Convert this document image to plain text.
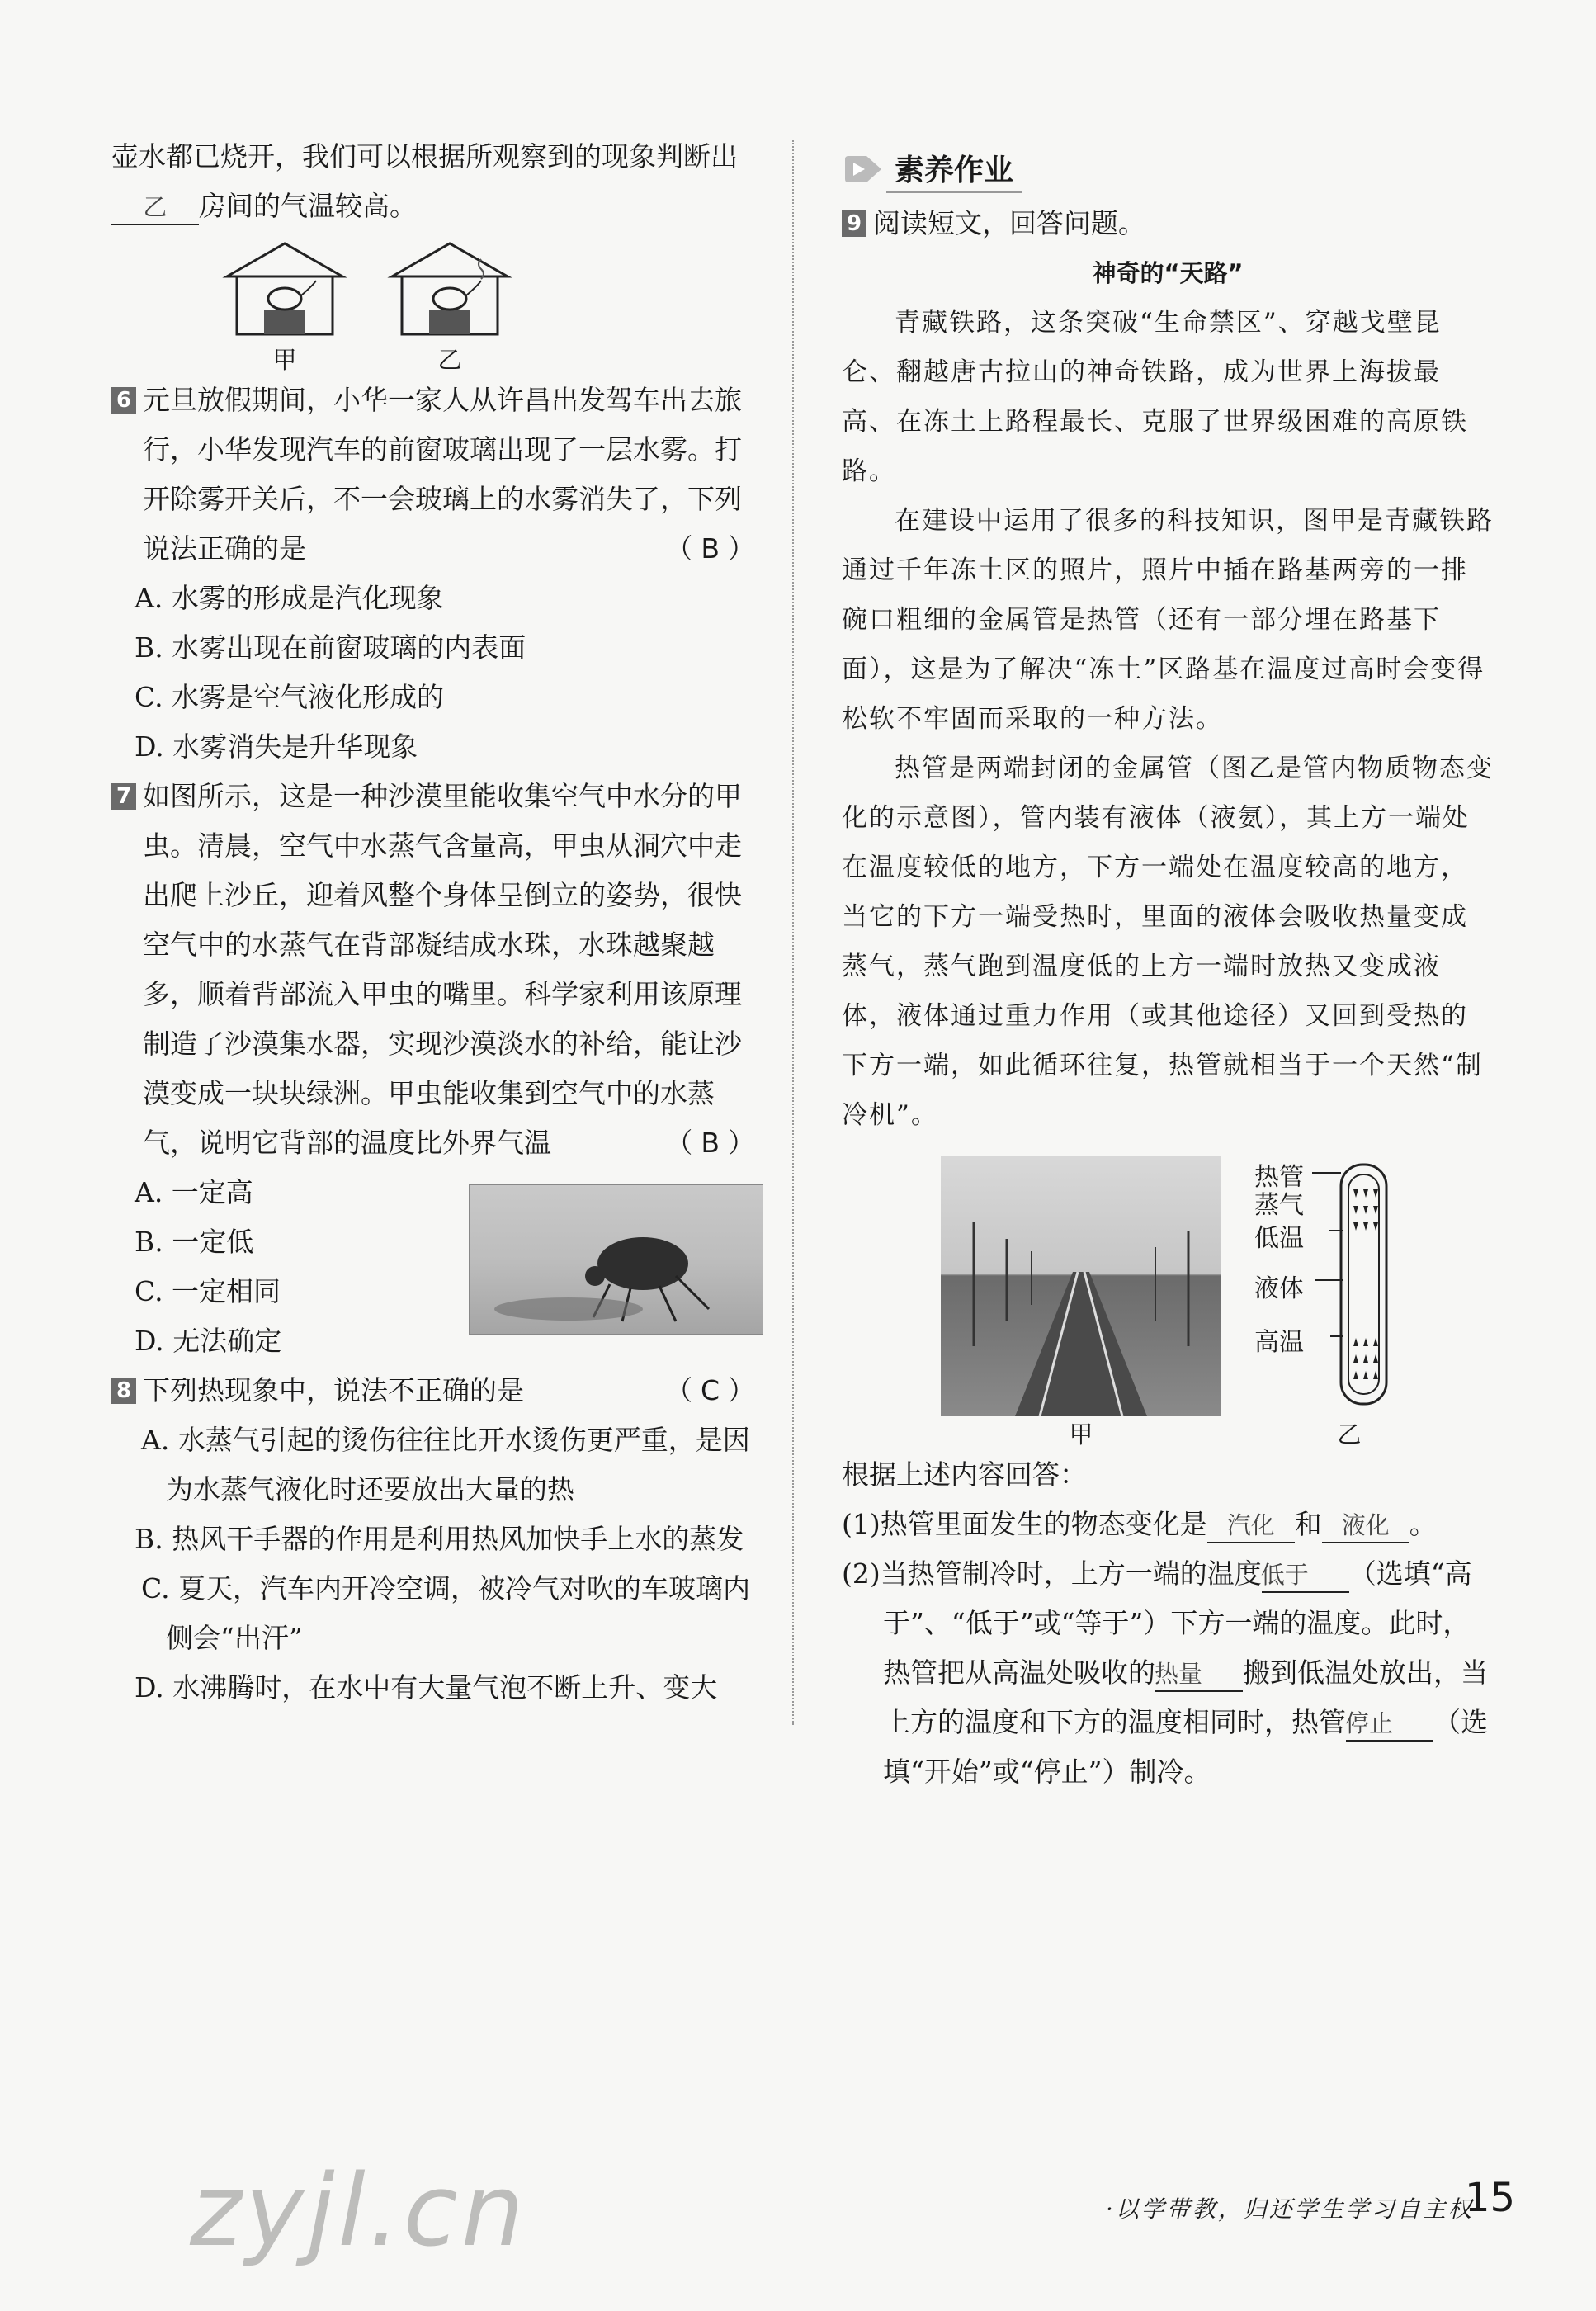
壶水都已烧开，我们可以根据所观察到的现象判断出

乙 房间的气温较高。

甲	乙
6 元旦放假期间，小华一家人从许昌出发驾车出去旅行，小华发现汽车的前窗玻璃出现了一层水雾。打开除雾开关后，不一会玻璃上的水雾消失了，下列说法正确的是	（B）

A. 水雾的形成是汽化现象

B. 水雾出现在前窗玻璃的内表面

C. 水雾是空气液化形成的

D. 水雾消失是升华现象

7 如图所示，这是一种沙漠里能收集空气中水分的甲虫。清晨，空气中水蒸气含量高，甲虫从洞穴中走出爬上沙丘，迎着风整个身体呈倒立的姿势，很快空气中的水蒸气在背部凝结成水珠，水珠越聚越多，顺着背部流入甲虫的嘴里。科学家利用该原理制造了沙漠集水器，实现沙漠淡水的补给，能让沙漠变成一块块绿洲。甲虫能收集到空气中的水蒸气，说明它背部的温度比外界气温	（B）

A. 一定高

B. 一定低

C. 一定相同

D. 无法确定

8 下列热现象中，说法不正确的是	（C）

A. 水蒸气引起的烫伤往往比开水烫伤更严重，是因为水蒸气液化时还要放出大量的热

B. 热风干手器的作用是利用热风加快手上水的蒸发

C. 夏天，汽车内开冷空调，被冷气对吹的车玻璃内侧会“出汗”

D. 水沸腾时，在水中有大量气泡不断上升、变大

素养作业
9 阅读短文，回答问题。

神奇的“天路”

青藏铁路，这条突破“生命禁区”、穿越戈壁昆仑、翻越唐古拉山的神奇铁路，成为世界上海拔最高、在冻土上路程最长、克服了世界级困难的高原铁路。

在建设中运用了很多的科技知识，图甲是青藏铁路通过千年冻土区的照片，照片中插在路基两旁的一排碗口粗细的金属管是热管（还有一部分埋在路基下面），这是为了解决“冻土”区路基在温度过高时会变得松软不牢固而采取的一种方法。

热管是两端封闭的金属管（图乙是管内物质物态变化的示意图），管内装有液体（液氨），其上方一端处在温度较低的地方，下方一端处在温度较高的地方，当它的下方一端受热时，里面的液体会吸收热量变成蒸气，蒸气跑到温度低的上方一端时放热又变成液体，液体通过重力作用（或其他途径）又回到受热的下方一端，如此循环往复，热管就相当于一个天然“制冷机”。

甲
热管
蒸气
低温
液体
高温
乙

根据上述内容回答：

(1)热管里面发生的物态变化是 汽化 和 液化 。

(2)当热管制冷时，上方一端的温度低于 （选填“高于”、“低于”或“等于”）下方一端的温度。此时，热管把从高温处吸收的热量 搬到低温处放出，当上方的温度和下方的温度相同时，热管停止 （选填“开始”或“停止”）制冷。

zyjl.cn	·以学带教，归还学生学习自主权·
15
